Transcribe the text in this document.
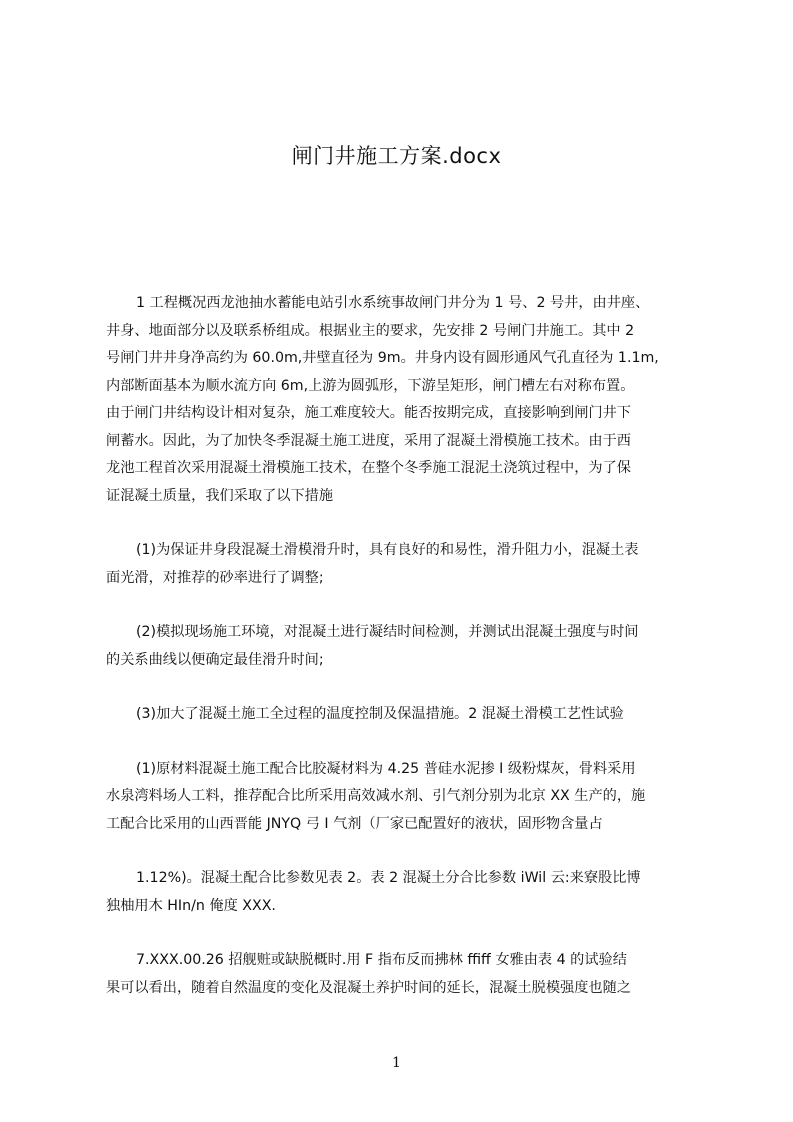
闸门井施工方案.docx
1 工程概况西龙池抽水蓄能电站引水系统事故闸门井分为 1 号、2 号井，由井座、
井身、地面部分以及联系桥组成。根据业主的要求，先安排 2 号闸门井施工。其中 2
号闸门井井身净高约为 60.0m,井壁直径为 9m。井身内设有圆形通风气孔直径为 1.1m,
内部断面基本为顺水流方向 6m,上游为圆弧形，下游呈矩形，闸门槽左右对称布置。
由于闸门井结构设计相对复杂，施工难度较大。能否按期完成，直接影响到闸门井下
闸蓄水。因此，为了加快冬季混凝土施工进度，采用了混凝土滑模施工技术。由于西
龙池工程首次采用混凝土滑模施工技术，在整个冬季施工混泥土浇筑过程中，为了保
证混凝土质量，我们采取了以下措施
(1)为保证井身段混凝土滑模滑升时，具有良好的和易性，滑升阻力小，混凝土表
面光滑，对推荐的砂率进行了调整;
(2)模拟现场施工环境，对混凝土进行凝结时间检测，并测试出混凝土强度与时间
的关系曲线以便确定最佳滑升时间;
(3)加大了混凝土施工全过程的温度控制及保温措施。2 混凝土滑模工艺性试验
(1)原材料混凝土施工配合比胶凝材料为 4.25 普硅水泥掺 I 级粉煤灰，骨料采用
水泉湾料场人工料，推荐配合比所采用高效减水剂、引气剂分别为北京 XX 生产的，施
工配合比采用的山西晋能 JNYQ 弓 I 气剂（厂家已配置好的液状，固形物含量占
1.12%)。混凝土配合比参数见表 2。表 2 混凝土分合比参数 iWil 云:来寮股比博
独柚用木 HIn/n 俺度 XXX.
7.XXX.00.26 招舰赃或缺脱概时.用 F 指布反而拂林 ffiff 女雅由表 4 的试验结
果可以看出，随着自然温度的变化及混凝土养护时间的延长，混凝土脱模强度也随之
1
